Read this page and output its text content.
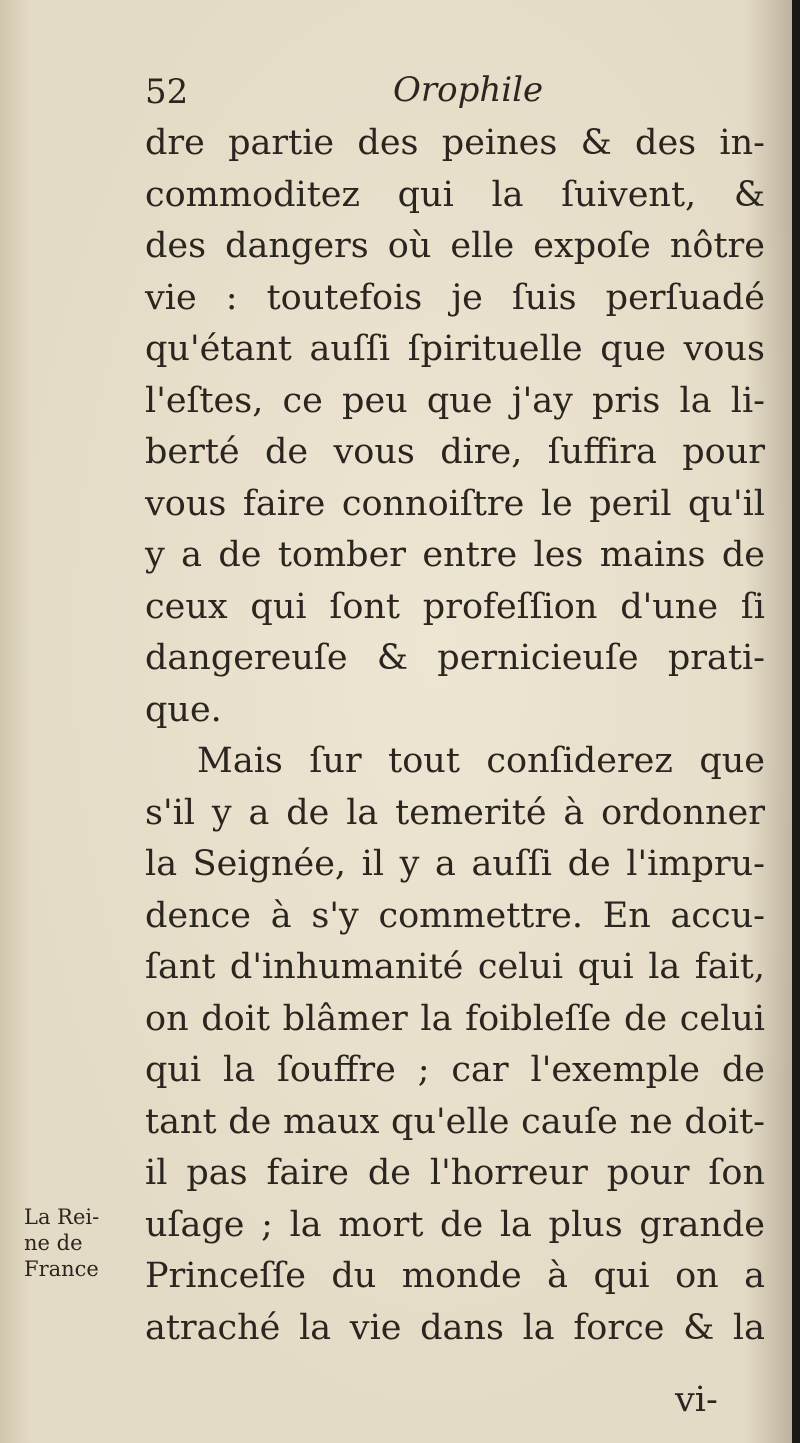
52	Orophile
dre partie des peines & des in-
commoditez qui la ſuivent, &
des dangers où elle expoſe nôtre
vie : toutefois je ſuis perſuadé
qu'étant auſſi ſpirituelle que vous
l'eſtes, ce peu que j'ay pris la li-
berté de vous dire, ſuffira pour
vous faire connoiſtre le peril qu'il
y a de tomber entre les mains de
ceux qui ſont profeſſion d'une ſi
dangereuſe & pernicieuſe prati-
que.
Mais ſur tout conſiderez que
s'il y a de la temerité à ordonner
la Seignée, il y a auſſi de l'impru-
dence à s'y commettre. En accu-
ſant d'inhumanité celui qui la fait,
on doit blâmer la foibleſſe de celui
qui la ſouffre ; car l'exemple de
tant de maux qu'elle cauſe ne doit-
il pas faire de l'horreur pour ſon
uſage ; la mort de la plus grande
Princeſſe du monde à qui on a
atraché la vie dans la force & la
La Rei-
ne de
France
vi-
